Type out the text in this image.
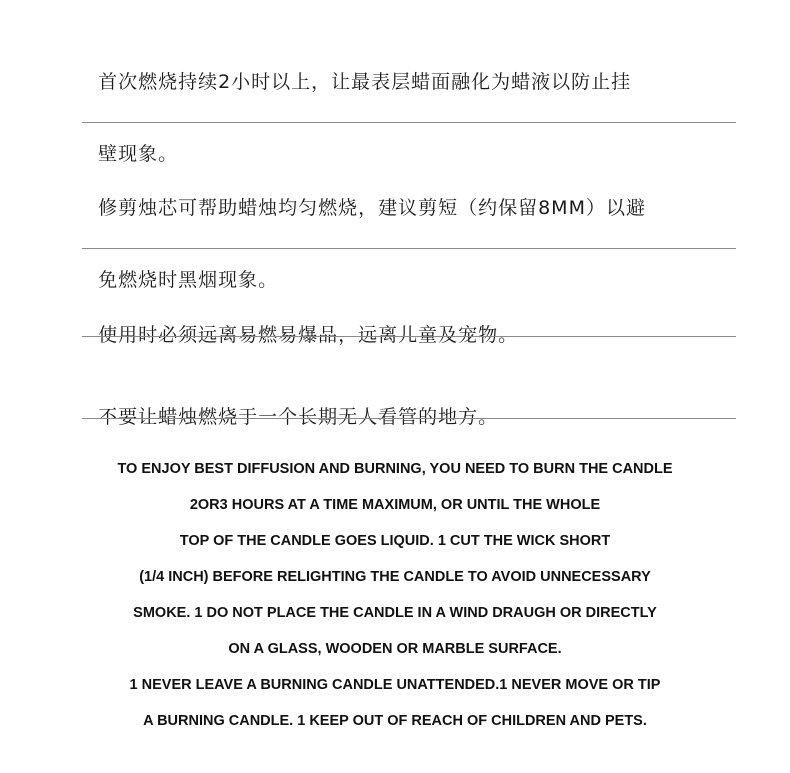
首次燃烧持续2小时以上，让最表层蜡面融化为蜡液以防止挂

壁现象。

修剪烛芯可帮助蜡烛均匀燃烧，建议剪短（约保留8MM）以避

免燃烧时黑烟现象。

使用时必须远离易燃易爆品，远离儿童及宠物。

不要让蜡烛燃烧于一个长期无人看管的地方。

TO ENJOY BEST DIFFUSION AND BURNING, YOU NEED TO BURN THE CANDLE
2OR3 HOURS AT A TIME MAXIMUM, OR UNTIL THE WHOLE
TOP OF THE CANDLE GOES LIQUID. 1 CUT THE WICK SHORT
(1/4 INCH) BEFORE RELIGHTING THE CANDLE TO AVOID UNNECESSARY
SMOKE. 1 DO NOT PLACE THE CANDLE IN A WIND DRAUGH OR DIRECTLY
ON A GLASS, WOODEN OR MARBLE SURFACE.
1 NEVER LEAVE A BURNING CANDLE UNATTENDED.1 NEVER MOVE OR TIP
A BURNING CANDLE. 1 KEEP OUT OF REACH OF CHILDREN AND PETS.
